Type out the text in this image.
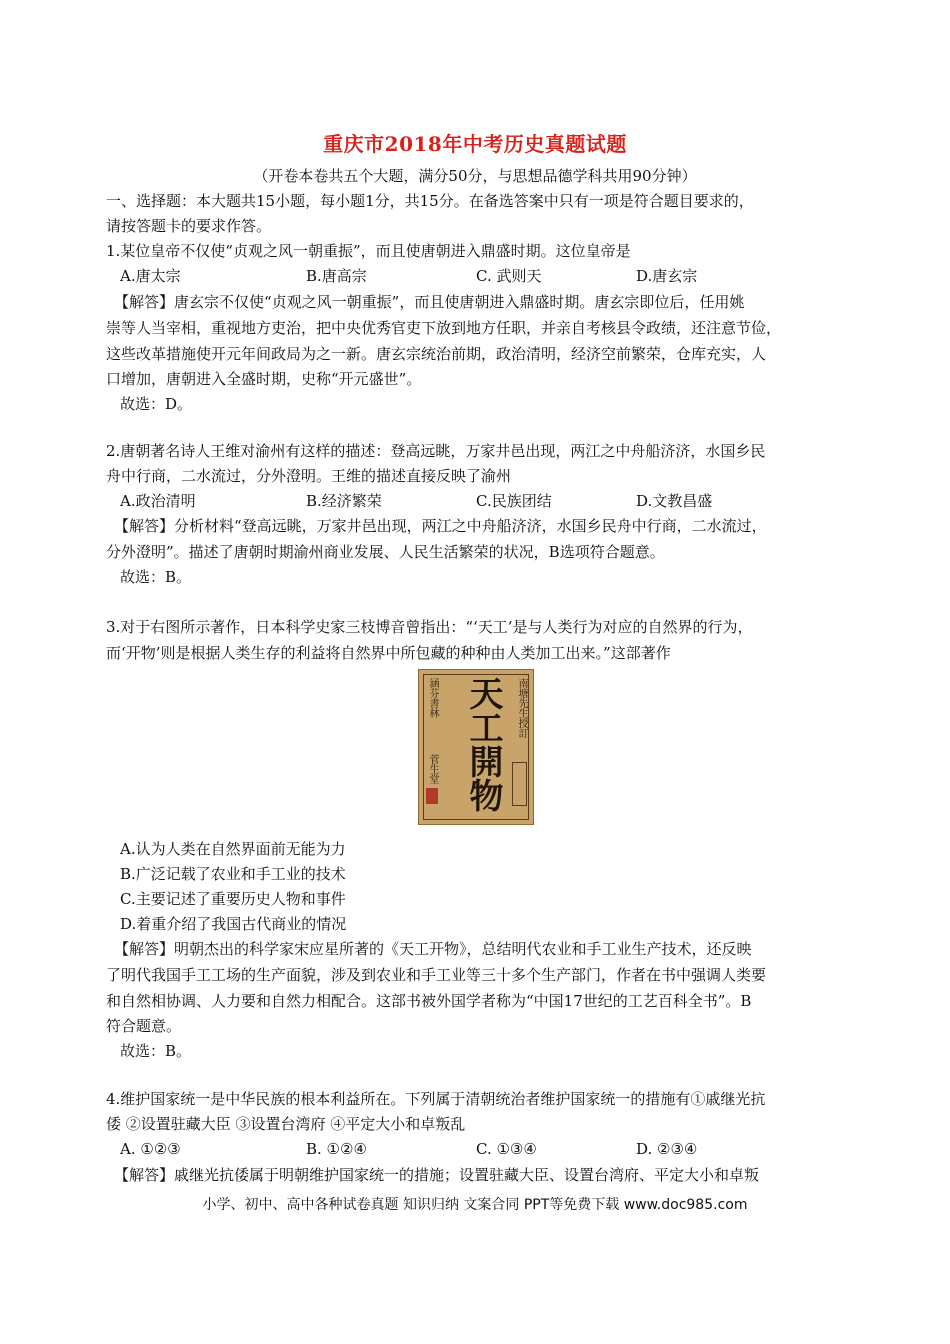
重庆市2018年中考历史真题试题
（开卷本卷共五个大题，满分50分，与思想品德学科共用90分钟）
一、选择题：本大题共15小题，每小题1分，共15分。在备选答案中只有一项是符合题目要求的，
请按答题卡的要求作答。
1.某位皇帝不仅使“贞观之风一朝重振”，而且使唐朝进入鼎盛时期。这位皇帝是
A.唐太宗	B.唐高宗	C. 武则天	D.唐玄宗
【解答】唐玄宗不仅使“贞观之风一朝重振”，而且使唐朝进入鼎盛时期。唐玄宗即位后，任用姚
崇等人当宰相，重视地方吏治，把中央优秀官吏下放到地方任职，并亲自考核县令政绩，还注意节俭，
这些改革措施使开元年间政局为之一新。唐玄宗统治前期，政治清明，经济空前繁荣，仓库充实，人
口增加，唐朝进入全盛时期，史称“开元盛世”。
故选：D。
2.唐朝著名诗人王维对渝州有这样的描述：登高远眺，万家井邑出现，两江之中舟船济济，水国乡民
舟中行商，二水流过，分外澄明。王维的描述直接反映了渝州
A.政治清明	B.经济繁荣	C.民族团结	D.文教昌盛
【解答】分析材料“登高远眺，万家井邑出现，两江之中舟船济济，水国乡民舟中行商，二水流过，
分外澄明”。描述了唐朝时期渝州商业发展、人民生活繁荣的状况，B选项符合题意。
故选：B。
3.对于右图所示著作，日本科学史家三枝博音曾指出：“‘天工’是与人类行为对应的自然界的行为，
而‘开物’则是根据人类生存的利益将自然界中所包藏的种种由人类加工出来。”这部著作
南塘先生授訂
天工開物
涵芬書林
菅生堂
A.认为人类在自然界面前无能为力
B.广泛记载了农业和手工业的技术
C.主要记述了重要历史人物和事件
D.着重介绍了我国古代商业的情况
【解答】明朝杰出的科学家宋应星所著的《天工开物》，总结明代农业和手工业生产技术，还反映
了明代我国手工工场的生产面貌，涉及到农业和手工业等三十多个生产部门，作者在书中强调人类要
和自然相协调、人力要和自然力相配合。这部书被外国学者称为“中国17世纪的工艺百科全书”。B
符合题意。
故选：B。
4.维护国家统一是中华民族的根本利益所在。下列属于清朝统治者维护国家统一的措施有①戚继光抗
倭 ②设置驻藏大臣 ③设置台湾府 ④平定大小和卓叛乱
A. ①②③	B. ①②④	C. ①③④	D. ②③④
【解答】戚继光抗倭属于明朝维护国家统一的措施；设置驻藏大臣、设置台湾府、平定大小和卓叛
小学、初中、高中各种试卷真题 知识归纳 文案合同 PPT等免费下载 www.doc985.com
